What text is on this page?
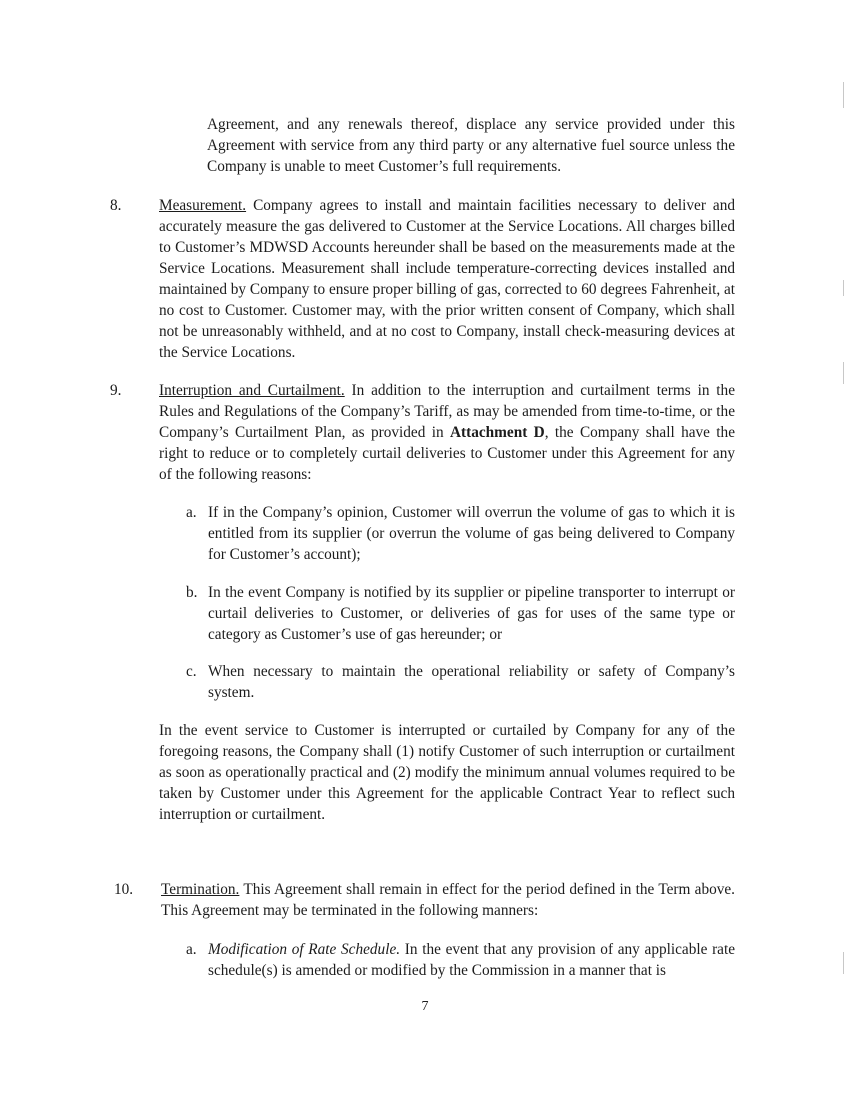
Agreement, and any renewals thereof, displace any service provided under this Agreement with service from any third party or any alternative fuel source unless the Company is unable to meet Customer’s full requirements.

8. Measurement. Company agrees to install and maintain facilities necessary to deliver and accurately measure the gas delivered to Customer at the Service Locations. All charges billed to Customer’s MDWSD Accounts hereunder shall be based on the measurements made at the Service Locations. Measurement shall include temperature-correcting devices installed and maintained by Company to ensure proper billing of gas, corrected to 60 degrees Fahrenheit, at no cost to Customer. Customer may, with the prior written consent of Company, which shall not be unreasonably withheld, and at no cost to Company, install check-measuring devices at the Service Locations.

9. Interruption and Curtailment. In addition to the interruption and curtailment terms in the Rules and Regulations of the Company’s Tariff, as may be amended from time-to-time, or the Company’s Curtailment Plan, as provided in Attachment D, the Company shall have the right to reduce or to completely curtail deliveries to Customer under this Agreement for any of the following reasons:

a. If in the Company’s opinion, Customer will overrun the volume of gas to which it is entitled from its supplier (or overrun the volume of gas being delivered to Company for Customer’s account);

b. In the event Company is notified by its supplier or pipeline transporter to interrupt or curtail deliveries to Customer, or deliveries of gas for uses of the same type or category as Customer’s use of gas hereunder; or

c. When necessary to maintain the operational reliability or safety of Company’s system.

In the event service to Customer is interrupted or curtailed by Company for any of the foregoing reasons, the Company shall (1) notify Customer of such interruption or curtailment as soon as operationally practical and (2) modify the minimum annual volumes required to be taken by Customer under this Agreement for the applicable Contract Year to reflect such interruption or curtailment.

10. Termination. This Agreement shall remain in effect for the period defined in the Term above. This Agreement may be terminated in the following manners:

a. Modification of Rate Schedule. In the event that any provision of any applicable rate schedule(s) is amended or modified by the Commission in a manner that is

7
